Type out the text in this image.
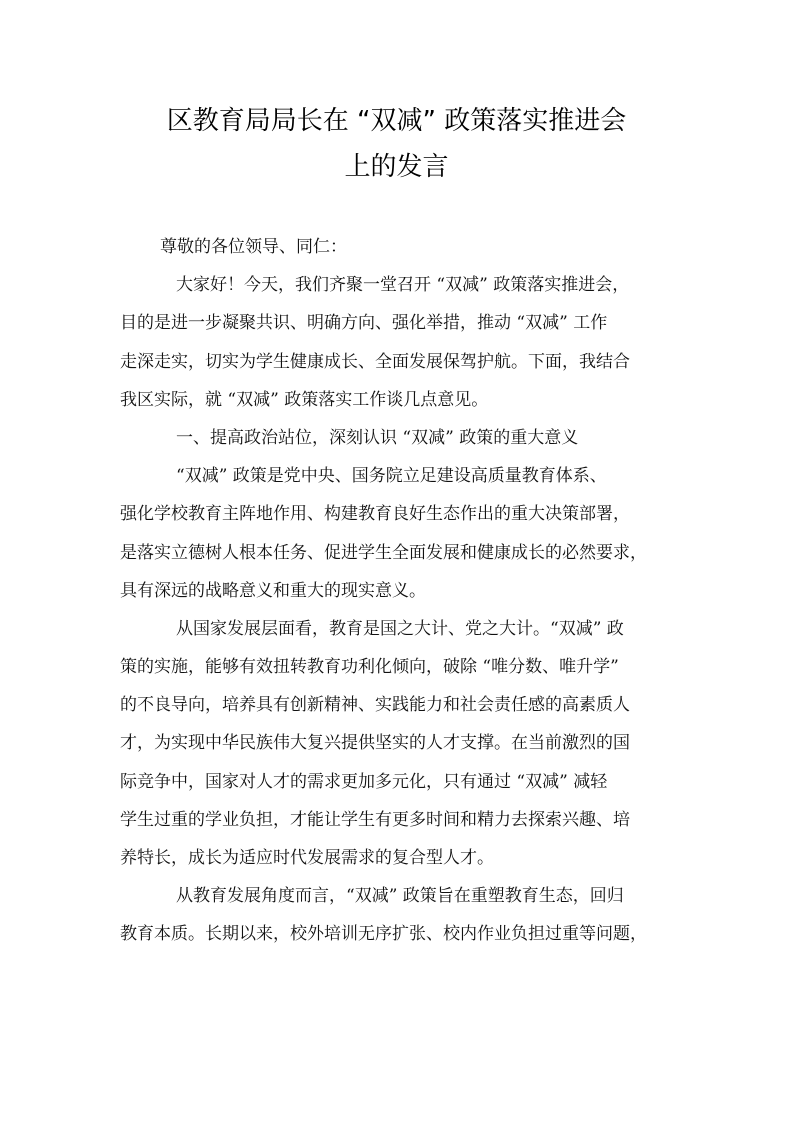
区教育局局长在 “双减” 政策落实推进会
上的发言
尊敬的各位领导、同仁：
大家好！今天，我们齐聚一堂召开 “双减” 政策落实推进会，
目的是进一步凝聚共识、明确方向、强化举措，推动 “双减” 工作
走深走实，切实为学生健康成长、全面发展保驾护航。下面，我结合
我区实际，就 “双减” 政策落实工作谈几点意见。
一、提高政治站位，深刻认识 “双减” 政策的重大意义
“双减” 政策是党中央、国务院立足建设高质量教育体系、
强化学校教育主阵地作用、构建教育良好生态作出的重大决策部署，
是落实立德树人根本任务、促进学生全面发展和健康成长的必然要求，
具有深远的战略意义和重大的现实意义。
从国家发展层面看，教育是国之大计、党之大计。“双减” 政
策的实施，能够有效扭转教育功利化倾向，破除 “唯分数、唯升学”
的不良导向，培养具有创新精神、实践能力和社会责任感的高素质人
才，为实现中华民族伟大复兴提供坚实的人才支撑。在当前激烈的国
际竞争中，国家对人才的需求更加多元化，只有通过 “双减” 减轻
学生过重的学业负担，才能让学生有更多时间和精力去探索兴趣、培
养特长，成长为适应时代发展需求的复合型人才。
从教育发展角度而言，“双减” 政策旨在重塑教育生态，回归
教育本质。长期以来，校外培训无序扩张、校内作业负担过重等问题，
